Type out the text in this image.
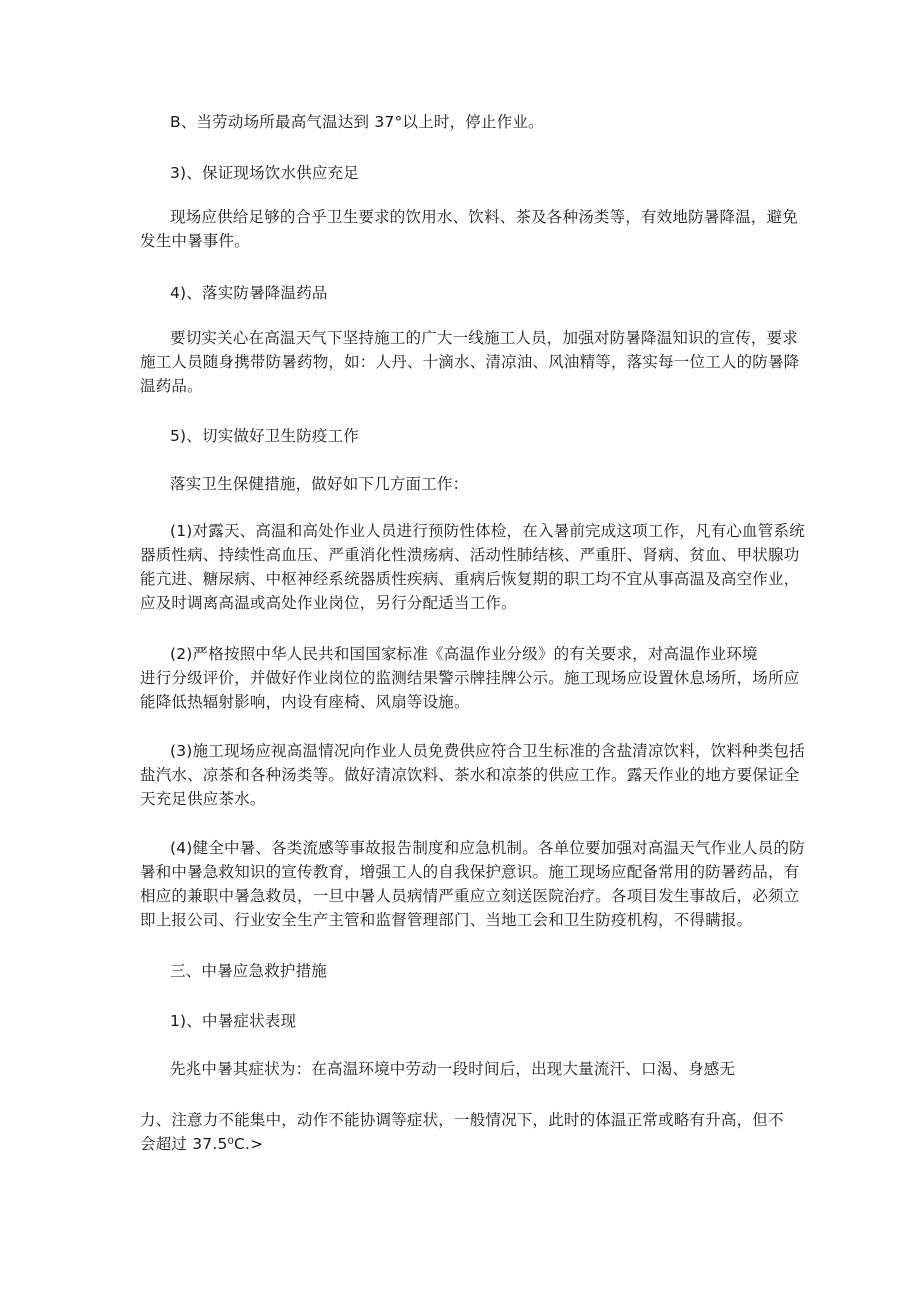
B、当劳动场所最高气温达到 37°以上时，停止作业。
3)、保证现场饮水供应充足
现场应供给足够的合乎卫生要求的饮用水、饮料、茶及各种汤类等，有效地防暑降温，避免
发生中暑事件。
4)、落实防暑降温药品
要切实关心在高温天气下坚持施工的广大一线施工人员，加强对防暑降温知识的宣传，要求
施工人员随身携带防暑药物，如：人丹、十滴水、清凉油、风油精等，落实每一位工人的防暑降
温药品。
5)、切实做好卫生防疫工作
落实卫生保健措施，做好如下几方面工作：
(1)对露天、高温和高处作业人员进行预防性体检，在入暑前完成这项工作，凡有心血管系统
器质性病、持续性高血压、严重消化性溃疡病、活动性肺结核、严重肝、肾病、贫血、甲状腺功
能亢进、糖尿病、中枢神经系统器质性疾病、重病后恢复期的职工均不宜从事高温及高空作业，
应及时调离高温或高处作业岗位，另行分配适当工作。
(2)严格按照中华人民共和国国家标准《高温作业分级》的有关要求，对高温作业环境
进行分级评价，并做好作业岗位的监测结果警示牌挂牌公示。施工现场应设置休息场所，场所应
能降低热辐射影响，内设有座椅、风扇等设施。
(3)施工现场应视高温情况向作业人员免费供应符合卫生标准的含盐清凉饮料，饮料种类包括
盐汽水、凉茶和各种汤类等。做好清凉饮料、茶水和凉茶的供应工作。露天作业的地方要保证全
天充足供应茶水。
(4)健全中暑、各类流感等事故报告制度和应急机制。各单位要加强对高温天气作业人员的防
暑和中暑急救知识的宣传教育，增强工人的自我保护意识。施工现场应配备常用的防暑药品，有
相应的兼职中暑急救员，一旦中暑人员病情严重应立刻送医院治疗。各项目发生事故后，必须立
即上报公司、行业安全生产主管和监督管理部门、当地工会和卫生防疫机构，不得瞒报。
三、中暑应急救护措施
1)、中暑症状表现
先兆中暑其症状为：在高温环境中劳动一段时间后，出现大量流汗、口渴、身感无
力、注意力不能集中，动作不能协调等症状，一般情况下，此时的体温正常或略有升高，但不
会超过 37.5⁰C.>
